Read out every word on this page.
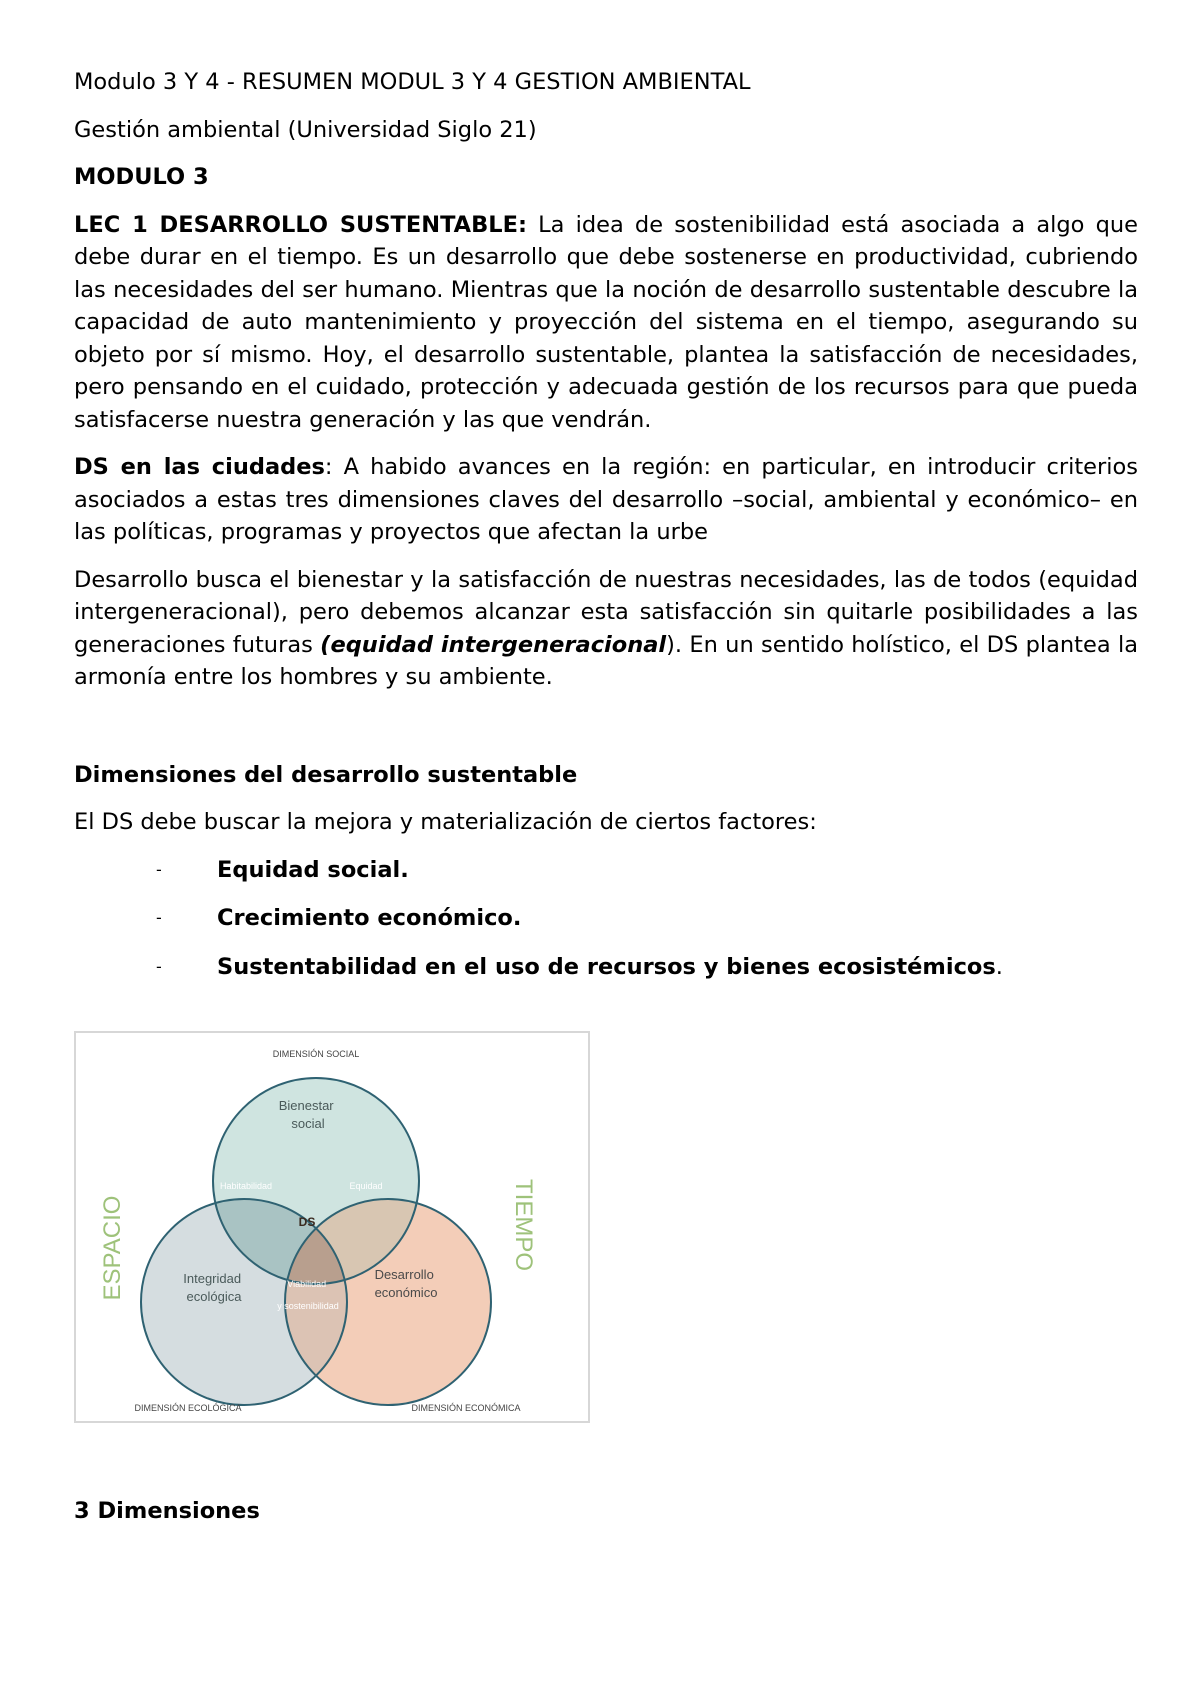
Modulo 3 Y 4 - RESUMEN MODUL 3 Y 4 GESTION AMBIENTAL

Gestión ambiental (Universidad Siglo 21)

MODULO 3

LEC 1 DESARROLLO SUSTENTABLE: La idea de sostenibilidad está asociada a algo que debe durar en el tiempo. Es un desarrollo que debe sostenerse en productividad, cubriendo las necesidades del ser humano. Mientras que la noción de desarrollo sustentable descubre la capacidad de auto mantenimiento y proyección del sistema en el tiempo, asegurando su objeto por sí mismo. Hoy, el desarrollo sustentable, plantea la satisfacción de necesidades, pero pensando en el cuidado, protección y adecuada gestión de los recursos para que pueda satisfacerse nuestra generación y las que vendrán.

DS en las ciudades: A habido avances en la región: en particular, en introducir criterios asociados a estas tres dimensiones claves del desarrollo –social, ambiental y económico– en las políticas, programas y proyectos que afectan la urbe

Desarrollo busca el bienestar y la satisfacción de nuestras necesidades, las de todos (equidad intergeneracional), pero debemos alcanzar esta satisfacción sin quitarle posibilidades a las generaciones futuras (equidad intergeneracional). En un sentido holístico, el DS plantea la armonía entre los hombres y su ambiente.

Dimensiones del desarrollo sustentable

El DS debe buscar la mejora y materialización de ciertos factores:

- Equidad social.
- Crecimiento económico.
- Sustentabilidad en el uso de recursos y bienes ecosistémicos.
DIMENSIÓN SOCIAL
DIMENSIÓN ECOLÓGICA	DIMENSIÓN ECONÓMICA
ESPACIO	TIEMPO
Bienestar social
Integridad ecológica
Desarrollo económico
Habitabilidad	Equidad
Viabilidad y sostenibilidad
DS

3 Dimensiones
